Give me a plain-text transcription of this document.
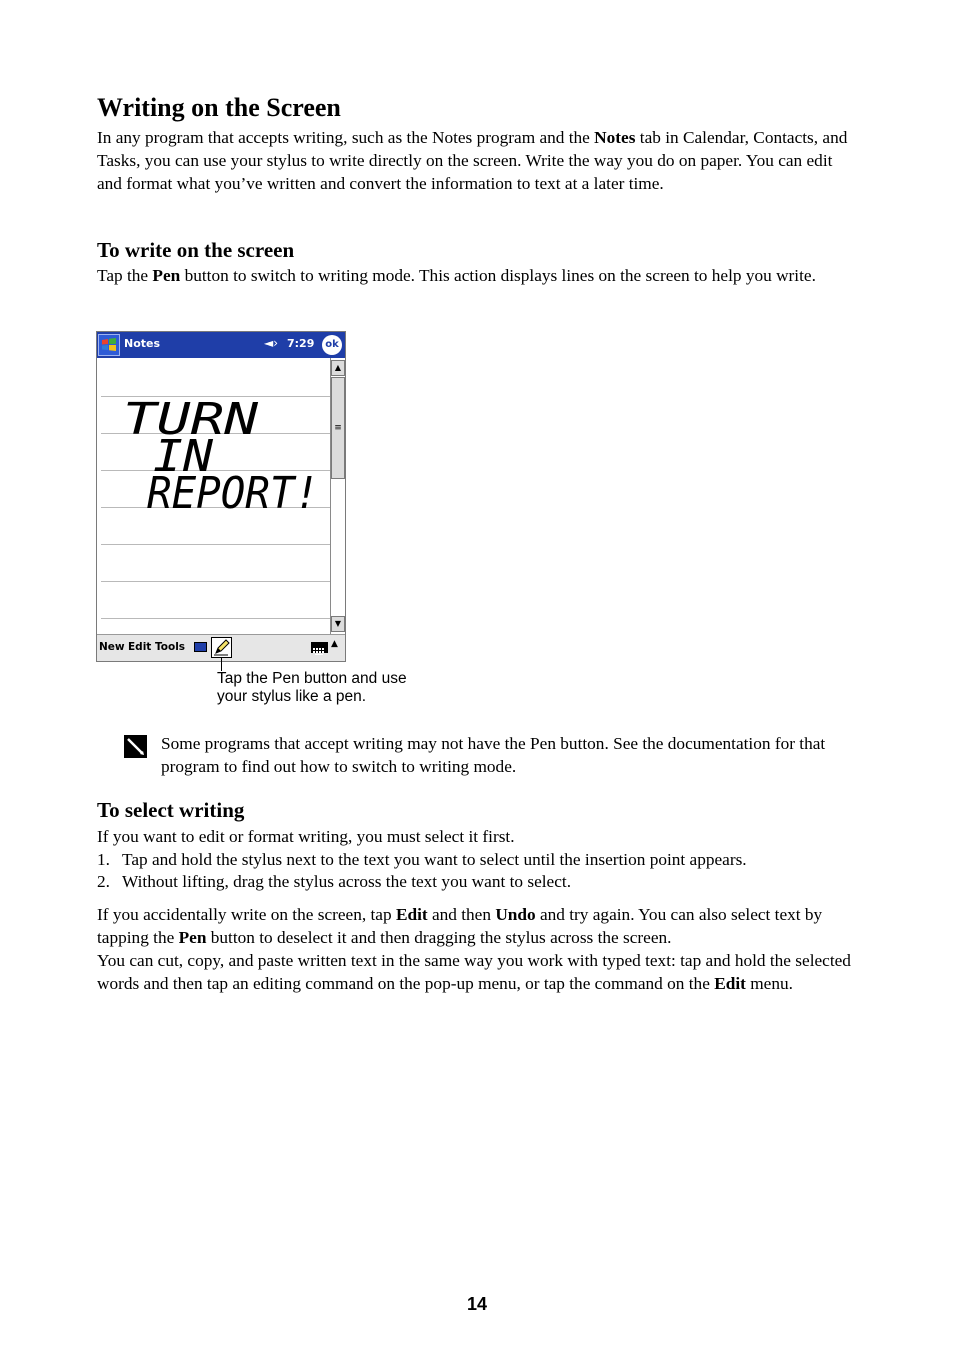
Writing on the Screen

In any program that accepts writing, such as the Notes program and the Notes tab in Calendar, Contacts, and Tasks, you can use your stylus to write directly on the screen. Write the way you do on paper. You can edit and format what you’ve written and convert the information to text at a later time.

To write on the screen

Tap the Pen button to switch to writing mode. This action displays lines on the screen to help you write.

Notes	◄› 7:29	ok
TURN
IN
REPORT!
▲
≡
▼
New Edit Tools	▲
Tap the Pen button and use
your stylus like a pen.

Some programs that accept writing may not have the Pen button. See the documentation for that program to find out how to switch to writing mode.

To select writing

If you want to edit or format writing, you must select it first.

1. Tap and hold the stylus next to the text you want to select until the insertion point appears.
2. Without lifting, drag the stylus across the text you want to select.

If you accidentally write on the screen, tap Edit and then Undo and try again. You can also select text by tapping the Pen button to deselect it and then dragging the stylus across the screen.

You can cut, copy, and paste written text in the same way you work with typed text: tap and hold the selected words and then tap an editing command on the pop-up menu, or tap the command on the Edit menu.

14
